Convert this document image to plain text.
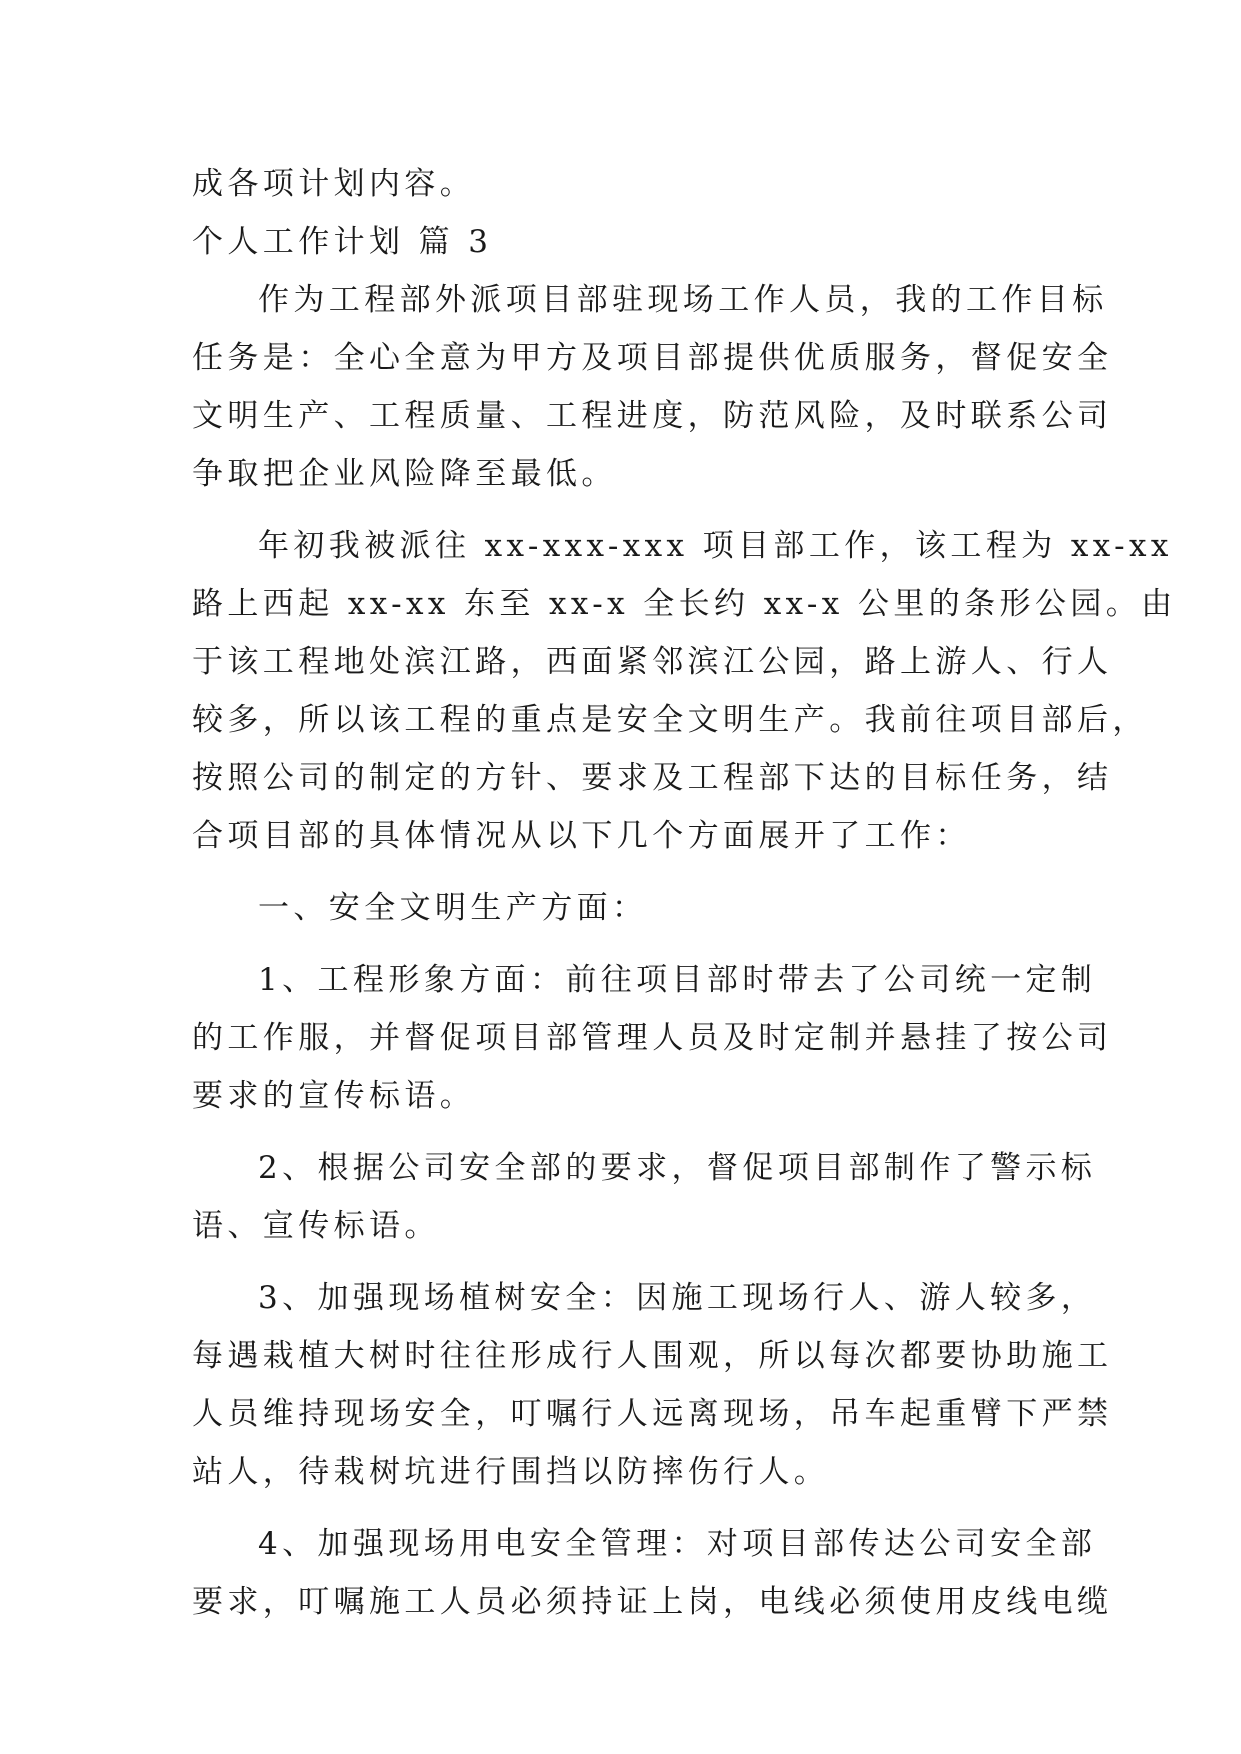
成各项计划内容。
个人工作计划 篇 3
作为工程部外派项目部驻现场工作人员，我的工作目标
任务是：全心全意为甲方及项目部提供优质服务，督促安全
文明生产、工程质量、工程进度，防范风险，及时联系公司
争取把企业风险降至最低。
年初我被派往 xx-xxx-xxx 项目部工作，该工程为 xx-xx
路上西起 xx-xx 东至 xx-x 全长约 xx-x 公里的条形公园。由
于该工程地处滨江路，西面紧邻滨江公园，路上游人、行人
较多，所以该工程的重点是安全文明生产。我前往项目部后，
按照公司的制定的方针、要求及工程部下达的目标任务，结
合项目部的具体情况从以下几个方面展开了工作：
一、安全文明生产方面：
1、工程形象方面：前往项目部时带去了公司统一定制
的工作服，并督促项目部管理人员及时定制并悬挂了按公司
要求的宣传标语。
2、根据公司安全部的要求，督促项目部制作了警示标
语、宣传标语。
3、加强现场植树安全：因施工现场行人、游人较多，
每遇栽植大树时往往形成行人围观，所以每次都要协助施工
人员维持现场安全，叮嘱行人远离现场，吊车起重臂下严禁
站人，待栽树坑进行围挡以防摔伤行人。
4、加强现场用电安全管理：对项目部传达公司安全部
要求，叮嘱施工人员必须持证上岗，电线必须使用皮线电缆
